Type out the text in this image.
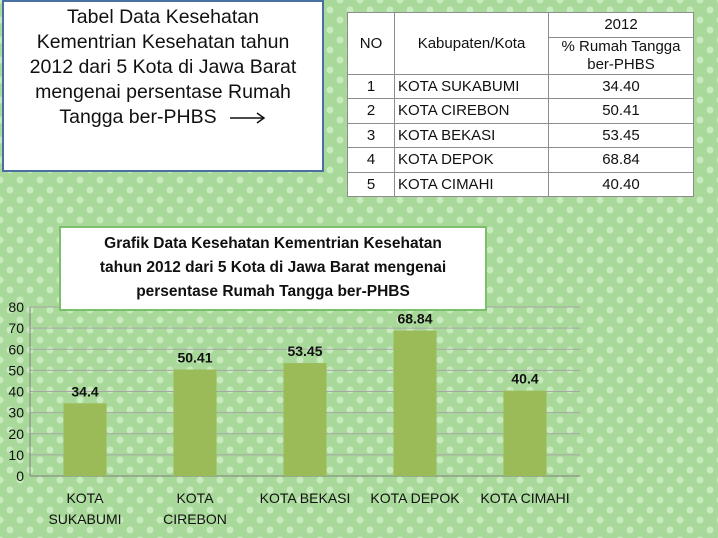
Tabel Data Kesehatan
Kementrian Kesehatan tahun
2012 dari 5 Kota di Jawa Barat
mengenai persentase Rumah
Tangga ber-PHBS
NO	Kabupaten/Kota	2012
		% Rumah Tangga
ber-PHBS
1	KOTA SUKABUMI	34.40
2	KOTA CIREBON	50.41
3	KOTA BEKASI	53.45
4	KOTA DEPOK	68.84
5	KOTA CIMAHI	40.40
0
10
20
30
40
50
60
70
80
34.4
KOTA
SUKABUMI
50.41
KOTA
CIREBON
53.45
KOTA BEKASI
68.84
KOTA DEPOK
40.4
KOTA CIMAHI
Grafik Data Kesehatan Kementrian Kesehatan
tahun 2012 dari 5 Kota di Jawa Barat mengenai
persentase Rumah Tangga ber-PHBS
